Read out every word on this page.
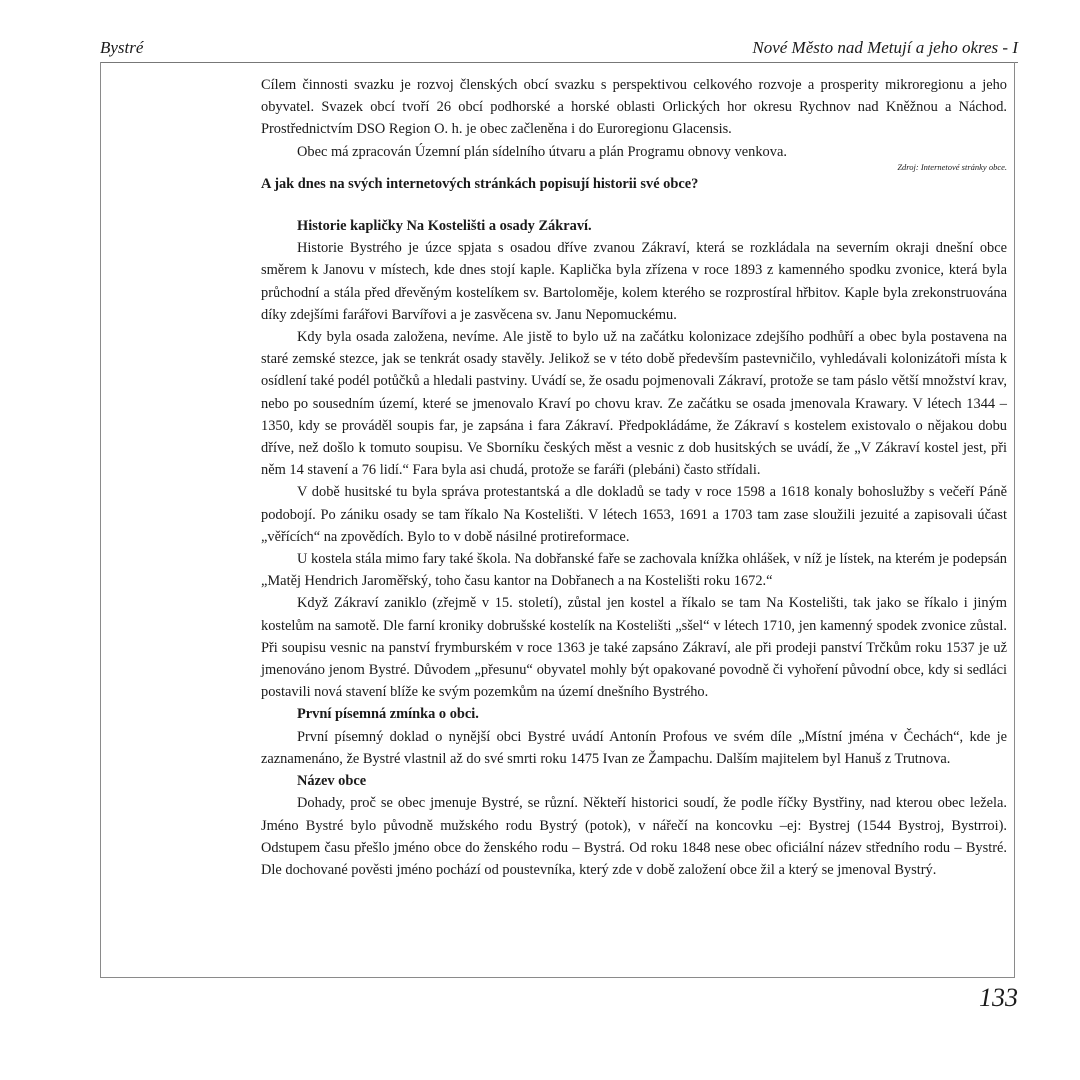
Bystré	Nové Město nad Metují a jeho okres - I

Cílem činnosti svazku je rozvoj členských obcí svazku s perspektivou celkového rozvoje a prosperity mikroregionu a jeho obyvatel. Svazek obcí tvoří 26 obcí podhorské a horské oblasti Orlických hor okresu Rychnov nad Kněžnou a Náchod. Prostřednictvím DSO Region O. h. je obec začleněna i do Euroregionu Glacensis.

Obec má zpracován Územní plán sídelního útvaru a plán Programu obnovy venkova.

Zdroj: Internetové stránky obce.

A jak dnes na svých internetových stránkách popisují historii své obce?

Historie kapličky Na Kostelišti a osady Zákraví.

Historie Bystrého je úzce spjata s osadou dříve zvanou Zákraví, která se rozkládala na severním okraji dnešní obce směrem k Janovu v místech, kde dnes stojí kaple. Kaplička byla zřízena v roce 1893 z kamenného spodku zvonice, která byla průchodní a stála před dřevěným kostelíkem sv. Bartoloměje, kolem kterého se rozprostíral hřbitov. Kaple byla zrekonstruována díky zdejšími farářovi Barvířovi a je zasvěcena sv. Janu Nepomuckému.

Kdy byla osada založena, nevíme. Ale jistě to bylo už na začátku kolonizace zdejšího podhůří a obec byla postavena na staré zemské stezce, jak se tenkrát osady stavěly. Jelikož se v této době především pastevničilo, vyhledávali kolonizátoři místa k osídlení také podél potůčků a hledali pastviny. Uvádí se, že osadu pojmenovali Zákraví, protože se tam páslo větší množství krav, nebo po sousedním území, které se jmenovalo Kraví po chovu krav. Ze začátku se osada jmenovala Krawary. V létech 1344 – 1350, kdy se prováděl soupis far, je zapsána i fara Zákraví. Předpokládáme, že Zákraví s kostelem existovalo o nějakou dobu dříve, než došlo k tomuto soupisu. Ve Sborníku českých měst a vesnic z dob husitských se uvádí, že „V Zákraví kostel jest, při něm 14 stavení a 76 lidí.“ Fara byla asi chudá, protože se faráři (plebáni) často střídali.

V době husitské tu byla správa protestantská a dle dokladů se tady v roce 1598 a 1618 konaly bohoslužby s večeří Páně podobojí. Po zániku osady se tam říkalo Na Kostelišti. V létech 1653, 1691 a 1703 tam zase sloužili jezuité a zapisovali účast „věřících“ na zpovědích. Bylo to v době násilné protireformace.

U kostela stála mimo fary také škola. Na dobřanské faře se zachovala knížka ohlášek, v níž je lístek, na kterém je podepsán „Matěj Hendrich Jaroměřský, toho času kantor na Dobřanech a na Kostelišti roku 1672.“

Když Zákraví zaniklo (zřejmě v 15. století), zůstal jen kostel a říkalo se tam Na Kostelišti, tak jako se říkalo i jiným kostelům na samotě. Dle farní kroniky dobrušské kostelík na Kostelišti „sšel“ v létech 1710, jen kamenný spodek zvonice zůstal. Při soupisu vesnic na panství frymburském v roce 1363 je také zapsáno Zákraví, ale při prodeji panství Trčkům roku 1537 je už jmenováno jenom Bystré. Důvodem „přesunu“ obyvatel mohly být opakované povodně či vyhoření původní obce, kdy si sedláci postavili nová stavení blíže ke svým pozemkům na území dnešního Bystrého.

První písemná zmínka o obci.

První písemný doklad o nynější obci Bystré uvádí Antonín Profous ve svém díle „Místní jména v Čechách“, kde je zaznamenáno, že Bystré vlastnil až do své smrti roku 1475 Ivan ze Žampachu. Dalším majitelem byl Hanuš z Trutnova.

Název obce

Dohady, proč se obec jmenuje Bystré, se různí. Někteří historici soudí, že podle říčky Bystřiny, nad kterou obec ležela. Jméno Bystré bylo původně mužského rodu Bystrý (potok), v nářečí na koncovku –ej: Bystrej (1544 Bystroj, Bystrroi). Odstupem času přešlo jméno obce do ženského rodu – Bystrá. Od roku 1848 nese obec oficiální název středního rodu – Bystré. Dle dochované pověsti jméno pochází od poustevníka, který zde v době založení obce žil a který se jmenoval Bystrý.

133
